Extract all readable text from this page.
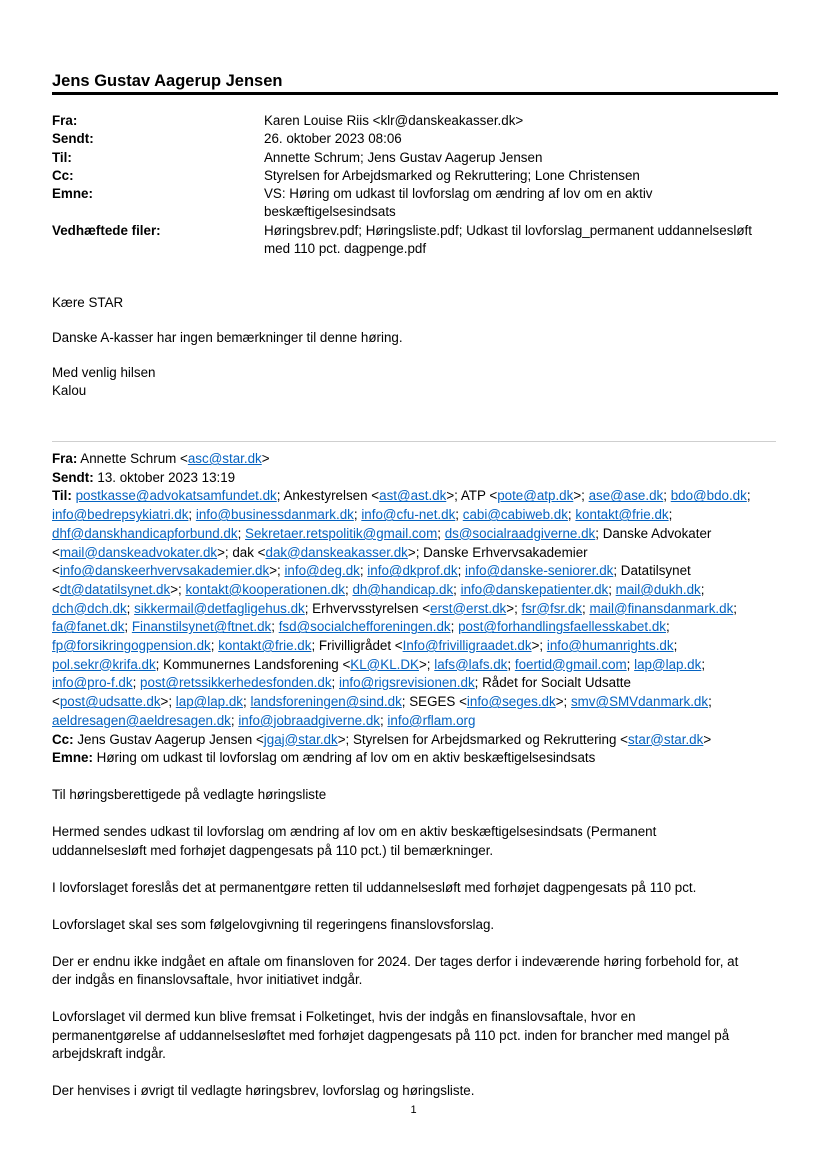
Jens Gustav Aagerup Jensen
Fra:	Karen Louise Riis <klr@danskeakasser.dk>
Sendt:	26. oktober 2023 08:06
Til:	Annette Schrum; Jens Gustav Aagerup Jensen
Cc:	Styrelsen for Arbejdsmarked og Rekruttering; Lone Christensen
Emne:	VS: Høring om udkast til lovforslag om ændring af lov om en aktiv
beskæftigelsesindsats
Vedhæftede filer:	Høringsbrev.pdf; Høringsliste.pdf; Udkast til lovforslag_permanent uddannelsesløft
med 110 pct. dagpenge.pdf

Kære STAR

Danske A-kasser har ingen bemærkninger til denne høring.

Med venlig hilsen

Kalou

Fra: Annette Schrum <asc@star.dk>
Sendt: 13. oktober 2023 13:19
Til: postkasse@advokatsamfundet.dk; Ankestyrelsen <ast@ast.dk>; ATP <pote@atp.dk>; ase@ase.dk; bdo@bdo.dk;
info@bedrepsykiatri.dk; info@businessdanmark.dk; info@cfu-net.dk; cabi@cabiweb.dk; kontakt@frie.dk;
dhf@danskhandicapforbund.dk; Sekretaer.retspolitik@gmail.com; ds@socialraadgiverne.dk; Danske Advokater
<mail@danskeadvokater.dk>; dak <dak@danskeakasser.dk>; Danske Erhvervsakademier
<info@danskeerhvervsakademier.dk>; info@deg.dk; info@dkprof.dk; info@danske-seniorer.dk; Datatilsynet
<dt@datatilsynet.dk>; kontakt@kooperationen.dk; dh@handicap.dk; info@danskepatienter.dk; mail@dukh.dk;
dch@dch.dk; sikkermail@detfagligehus.dk; Erhvervsstyrelsen <erst@erst.dk>; fsr@fsr.dk; mail@finansdanmark.dk;
fa@fanet.dk; Finanstilsynet@ftnet.dk; fsd@socialchefforeningen.dk; post@forhandlingsfaellesskabet.dk;
fp@forsikringogpension.dk; kontakt@frie.dk; Frivilligrådet <Info@frivilligraadet.dk>; info@humanrights.dk;
pol.sekr@krifa.dk; Kommunernes Landsforening <KL@KL.DK>; lafs@lafs.dk; foertid@gmail.com; lap@lap.dk;
info@pro-f.dk; post@retssikkerhedesfonden.dk; info@rigsrevisionen.dk; Rådet for Socialt Udsatte
<post@udsatte.dk>; lap@lap.dk; landsforeningen@sind.dk; SEGES <info@seges.dk>; smv@SMVdanmark.dk;
aeldresagen@aeldresagen.dk; info@jobraadgiverne.dk; info@rflam.org
Cc: Jens Gustav Aagerup Jensen <jgaj@star.dk>; Styrelsen for Arbejdsmarked og Rekruttering <star@star.dk>
Emne: Høring om udkast til lovforslag om ændring af lov om en aktiv beskæftigelsesindsats

Til høringsberettigede på vedlagte høringsliste

Hermed sendes udkast til lovforslag om ændring af lov om en aktiv beskæftigelsesindsats (Permanent
uddannelsesløft med forhøjet dagpengesats på 110 pct.) til bemærkninger.

I lovforslaget foreslås det at permanentgøre retten til uddannelsesløft med forhøjet dagpengesats på 110 pct.

Lovforslaget skal ses som følgelovgivning til regeringens finanslovsforslag.

Der er endnu ikke indgået en aftale om finansloven for 2024. Der tages derfor i indeværende høring forbehold for, at
der indgås en finanslovsaftale, hvor initiativet indgår.

Lovforslaget vil dermed kun blive fremsat i Folketinget, hvis der indgås en finanslovsaftale, hvor en
permanentgørelse af uddannelsesløftet med forhøjet dagpengesats på 110 pct. inden for brancher med mangel på
arbejdskraft indgår.

Der henvises i øvrigt til vedlagte høringsbrev, lovforslag og høringsliste.

1
